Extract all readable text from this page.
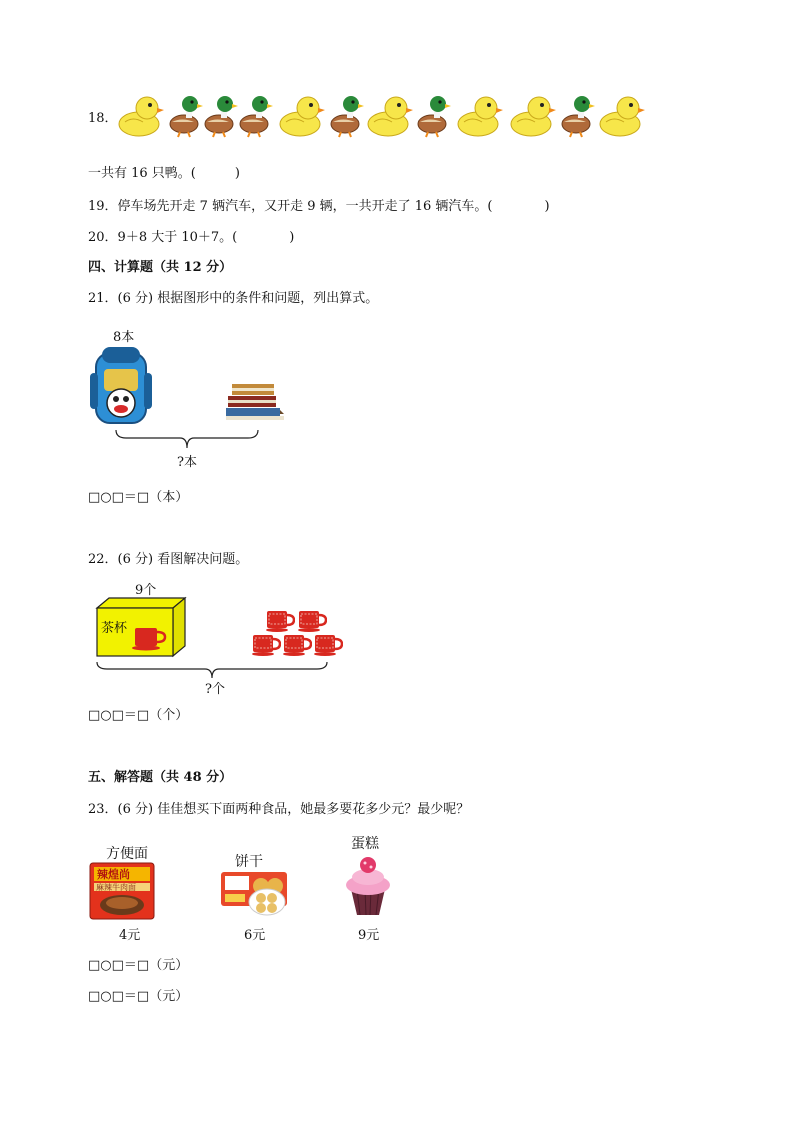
18．
一共有 16 只鸭。(　　　)
19．停车场先开走 7 辆汽车，又开走 9 辆，一共开走了 16 辆汽车。(　　　　)
20．9＋8 大于 10＋7。(　　　　)
四、计算题（共 12 分）
21．(6 分) 根据图形中的条件和问题，列出算式。
8本
?本
□○□＝□（本）
22．(6 分) 看图解决问题。
9个
茶杯
?个
□○□＝□（个）
五、解答题（共 48 分）
23．(6 分) 佳佳想买下面两种食品，她最多要花多少元？最少呢？
方便面
辣煌尚
麻辣牛肉面
4元
饼干
6元
蛋糕
9元
□○□＝□（元）
□○□＝□（元）
